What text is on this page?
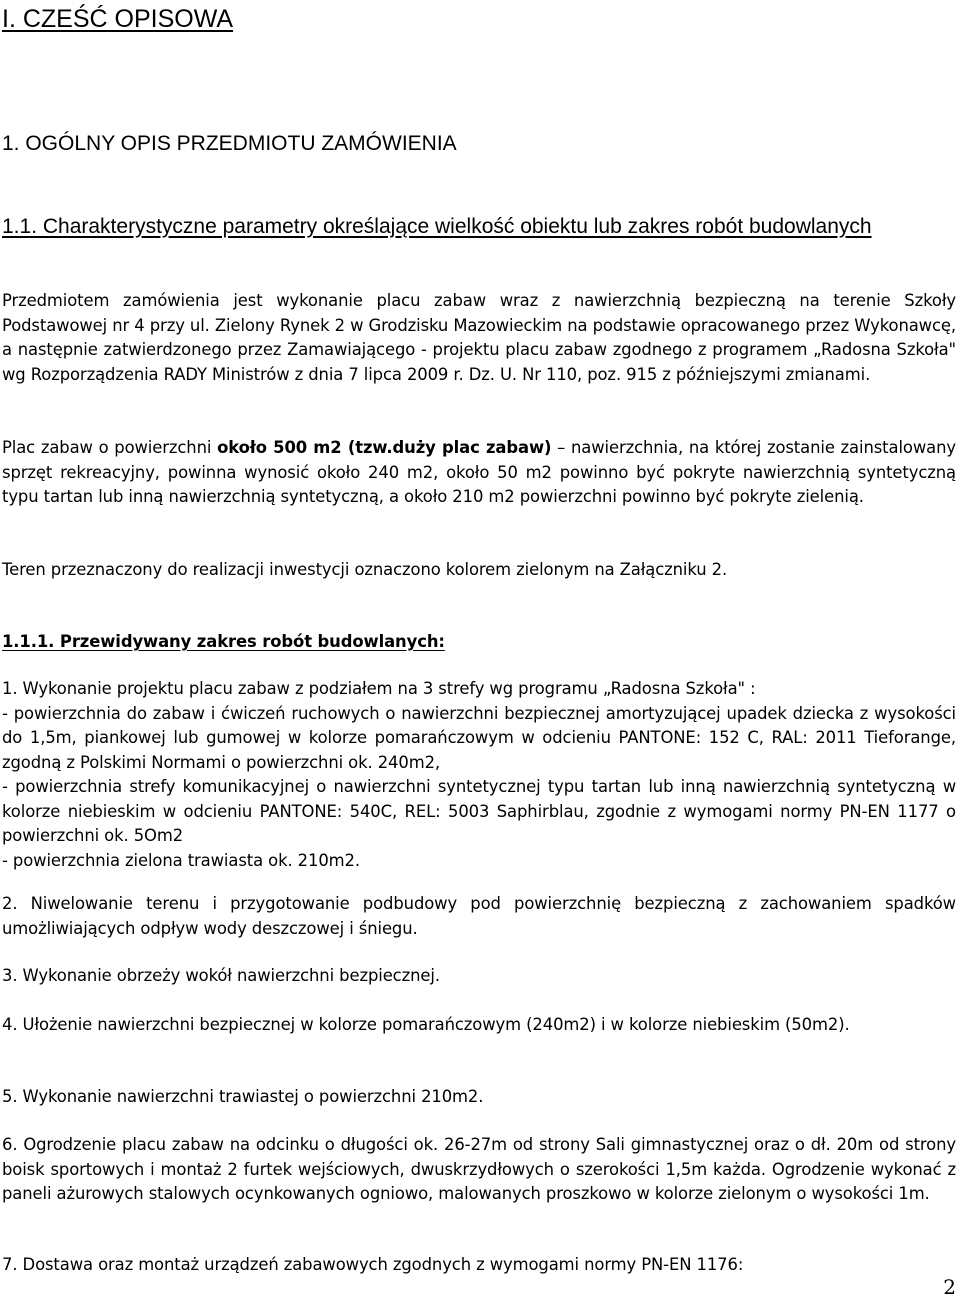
I. CZEŚĆ OPISOWA
1. OGÓLNY OPIS PRZEDMIOTU ZAMÓWIENIA
1.1. Charakterystyczne parametry określające wielkość obiektu lub zakres robót budowlanych

Przedmiotem zamówienia jest wykonanie placu zabaw wraz z nawierzchnią bezpieczną na terenie Szkoły Podstawowej nr 4 przy ul. Zielony Rynek 2 w Grodzisku Mazowieckim na podstawie opracowanego przez Wykonawcę, a następnie zatwierdzonego przez Zamawiającego - projektu placu zabaw zgodnego z programem „Radosna Szkoła" wg Rozporządzenia RADY Ministrów z dnia 7 lipca 2009 r. Dz. U. Nr 110, poz. 915 z późniejszymi zmianami.

Plac zabaw o powierzchni około 500 m2 (tzw.duży plac zabaw) – nawierzchnia, na której zostanie zainstalowany sprzęt rekreacyjny, powinna wynosić około 240 m2, około 50 m2 powinno być pokryte nawierzchnią syntetyczną typu tartan lub inną nawierzchnią syntetyczną, a około 210 m2 powierzchni powinno być pokryte zielenią.

Teren przeznaczony do realizacji inwestycji oznaczono kolorem zielonym na Załączniku 2.

1.1.1. Przewidywany zakres robót budowlanych:

1. Wykonanie projektu placu zabaw z podziałem na 3 strefy wg programu „Radosna Szkoła" :

- powierzchnia do zabaw i ćwiczeń ruchowych o nawierzchni bezpiecznej amortyzującej upadek dziecka z wysokości do 1,5m, piankowej lub gumowej w kolorze pomarańczowym w odcieniu PANTONE: 152 C, RAL: 2011 Tieforange, zgodną z Polskimi Normami o powierzchni ok. 240m2,

- powierzchnia strefy komunikacyjnej o nawierzchni syntetycznej typu tartan lub inną nawierzchnią syntetyczną w kolorze niebieskim w odcieniu PANTONE: 540C, REL: 5003 Saphirblau, zgodnie z wymogami normy PN-EN 1177 o powierzchni ok. 5Om2

- powierzchnia zielona trawiasta ok. 210m2.

2. Niwelowanie terenu i przygotowanie podbudowy pod powierzchnię bezpieczną z zachowaniem spadków umożliwiających odpływ wody deszczowej i śniegu.

3. Wykonanie obrzeży wokół nawierzchni bezpiecznej.

4. Ułożenie nawierzchni bezpiecznej w kolorze pomarańczowym (240m2) i w kolorze niebieskim (50m2).

5. Wykonanie nawierzchni trawiastej o powierzchni 210m2.

6. Ogrodzenie placu zabaw na odcinku o długości ok. 26-27m od strony Sali gimnastycznej oraz o dł. 20m od strony boisk sportowych i montaż 2 furtek wejściowych, dwuskrzydłowych o szerokości 1,5m każda. Ogrodzenie wykonać z paneli ażurowych stalowych ocynkowanych ogniowo, malowanych proszkowo w kolorze zielonym o wysokości 1m.

7. Dostawa oraz montaż urządzeń zabawowych zgodnych z wymogami normy PN-EN 1176:

2
